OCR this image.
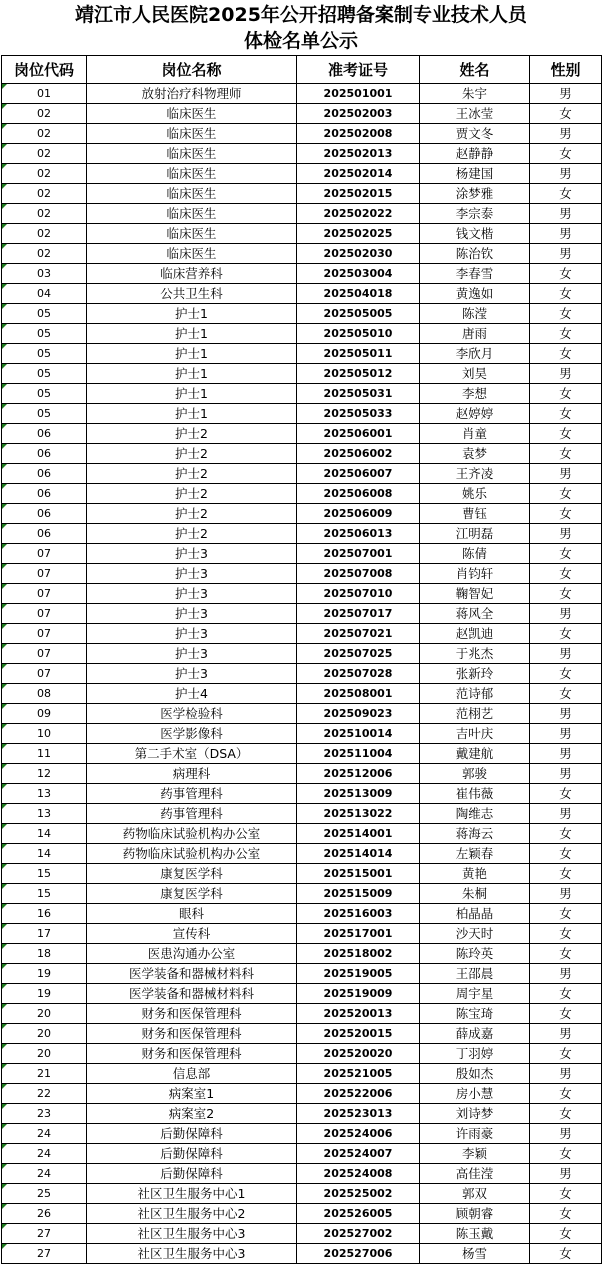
靖江市人民医院2025年公开招聘备案制专业技术人员
体检名单公示
岗位代码	岗位名称	准考证号	姓名	性别
01	放射治疗科物理师	202501001	朱宇	男
02	临床医生	202502003	王冰莹	女
02	临床医生	202502008	贾文冬	男
02	临床医生	202502013	赵静静	女
02	临床医生	202502014	杨建国	男
02	临床医生	202502015	涂梦雅	女
02	临床医生	202502022	李宗泰	男
02	临床医生	202502025	钱文楷	男
02	临床医生	202502030	陈治钦	男
03	临床营养科	202503004	李春雪	女
04	公共卫生科	202504018	黄逸如	女
05	护士1	202505005	陈滢	女
05	护士1	202505010	唐雨	女
05	护士1	202505011	李欣月	女
05	护士1	202505012	刘昊	男
05	护士1	202505031	李想	女
05	护士1	202505033	赵婷婷	女
06	护士2	202506001	肖童	女
06	护士2	202506002	袁梦	女
06	护士2	202506007	王齐凌	男
06	护士2	202506008	姚乐	女
06	护士2	202506009	曹钰	女
06	护士2	202506013	江明磊	男
07	护士3	202507001	陈倩	女
07	护士3	202507008	肖钧轩	女
07	护士3	202507010	鞠智妃	女
07	护士3	202507017	蒋风全	男
07	护士3	202507021	赵凯迪	女
07	护士3	202507025	于兆杰	男
07	护士3	202507028	张新玲	女
08	护士4	202508001	范诗郁	女
09	医学检验科	202509023	范栩艺	男
10	医学影像科	202510014	吉叶庆	男
11	第二手术室（DSA）	202511004	戴建航	男
12	病理科	202512006	郭骏	男
13	药事管理科	202513009	崔伟薇	女
13	药事管理科	202513022	陶维志	男
14	药物临床试验机构办公室	202514001	蒋海云	女
14	药物临床试验机构办公室	202514014	左颖春	女
15	康复医学科	202515001	黄艳	女
15	康复医学科	202515009	朱桐	男
16	眼科	202516003	柏晶晶	女
17	宣传科	202517001	沙天时	女
18	医患沟通办公室	202518002	陈玲英	女
19	医学装备和器械材料科	202519005	王邵晨	男
19	医学装备和器械材料科	202519009	周宇星	女
20	财务和医保管理科	202520013	陈宝琦	女
20	财务和医保管理科	202520015	薛成嘉	男
20	财务和医保管理科	202520020	丁羽婷	女
21	信息部	202521005	殷如杰	男
22	病案室1	202522006	房小慧	女
23	病案室2	202523013	刘诗梦	女
24	后勤保障科	202524006	许雨豪	男
24	后勤保障科	202524007	李颖	女
24	后勤保障科	202524008	高佳滢	男
25	社区卫生服务中心1	202525002	郭双	女
26	社区卫生服务中心2	202526005	顾朝睿	女
27	社区卫生服务中心3	202527002	陈玉戴	女
27	社区卫生服务中心3	202527006	杨雪	女
